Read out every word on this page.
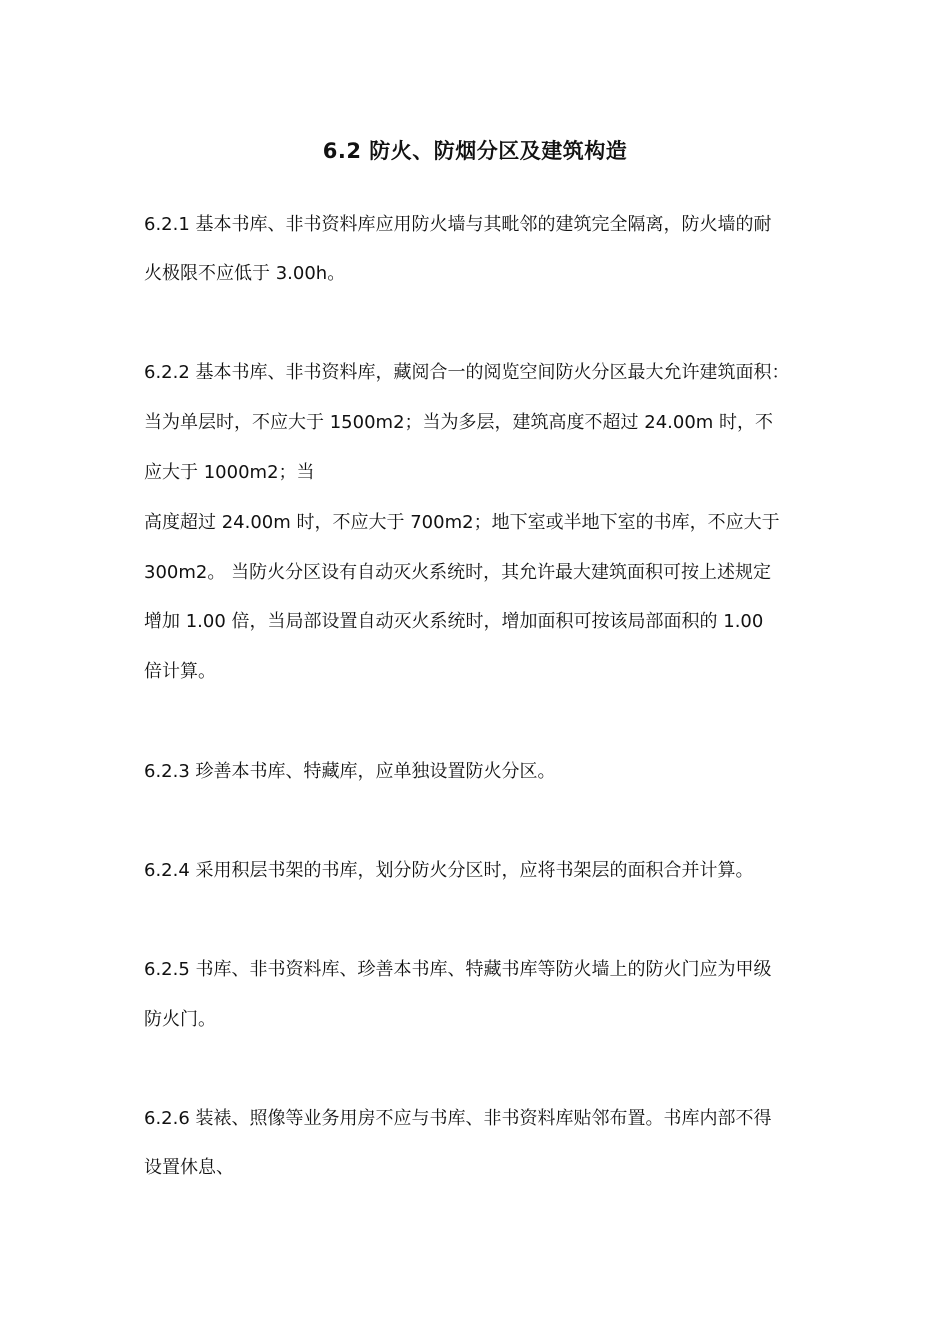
6.2 防火、防烟分区及建筑构造
6.2.1 基本书库、非书资料库应用防火墙与其毗邻的建筑完全隔离，防火墙的耐
火极限不应低于 3.00h。
6.2.2 基本书库、非书资料库，藏阅合一的阅览空间防火分区最大允许建筑面积：
当为单层时，不应大于 1500m2；当为多层，建筑高度不超过 24.00m 时，不
应大于 1000m2；当
高度超过 24.00m 时，不应大于 700m2；地下室或半地下室的书库，不应大于
300m2。 当防火分区设有自动灭火系统时，其允许最大建筑面积可按上述规定
增加 1.00 倍，当局部设置自动灭火系统时，增加面积可按该局部面积的 1.00
倍计算。
6.2.3 珍善本书库、特藏库，应单独设置防火分区。
6.2.4 采用积层书架的书库，划分防火分区时，应将书架层的面积合并计算。
6.2.5 书库、非书资料库、珍善本书库、特藏书库等防火墙上的防火门应为甲级
防火门。
6.2.6 装裱、照像等业务用房不应与书库、非书资料库贴邻布置。书库内部不得
设置休息、
